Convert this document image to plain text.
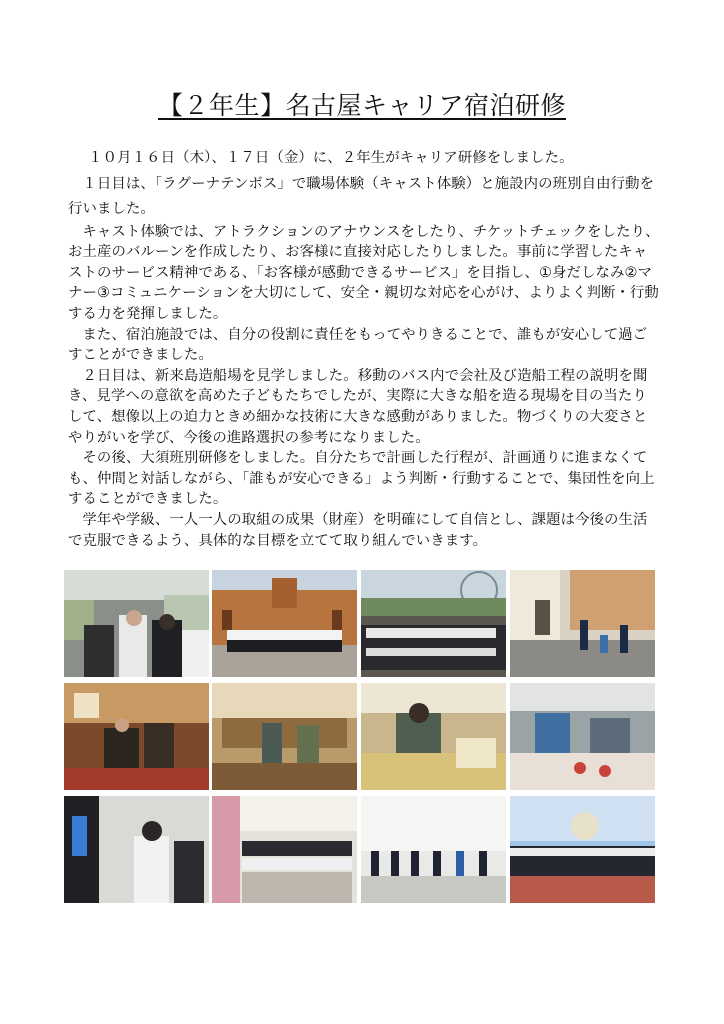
【２年生】名古屋キャリア宿泊研修

１０月１６日（木）、１７日（金）に、２年生がキャリア研修をしました。

１日目は、「ラグーナテンボス」で職場体験（キャスト体験）と施設内の班別自由行動を行いました。

キャスト体験では、アトラクションのアナウンスをしたり、チケットチェックをしたり、お土産のバルーンを作成したり、お客様に直接対応したりしました。事前に学習したキャストのサービス精神である、「お客様が感動できるサービス」を目指し、①身だしなみ②マナー③コミュニケーションを大切にして、安全・親切な対応を心がけ、よりよく判断・行動する力を発揮しました。

また、宿泊施設では、自分の役割に責任をもってやりきることで、誰もが安心して過ごすことができました。

２日目は、新来島造船場を見学しました。移動のバス内で会社及び造船工程の説明を聞き、見学への意欲を高めた子どもたちでしたが、実際に大きな船を造る現場を目の当たりして、想像以上の迫力ときめ細かな技術に大きな感動がありました。物づくりの大変さとやりがいを学び、今後の進路選択の参考になりました。

その後、大須班別研修をしました。自分たちで計画した行程が、計画通りに進まなくても、仲間と対話しながら、「誰もが安心できる」よう判断・行動することで、集団性を向上することができました。

学年や学級、一人一人の取組の成果（財産）を明確にして自信とし、課題は今後の生活で克服できるよう、具体的な目標を立てて取り組んでいきます。
